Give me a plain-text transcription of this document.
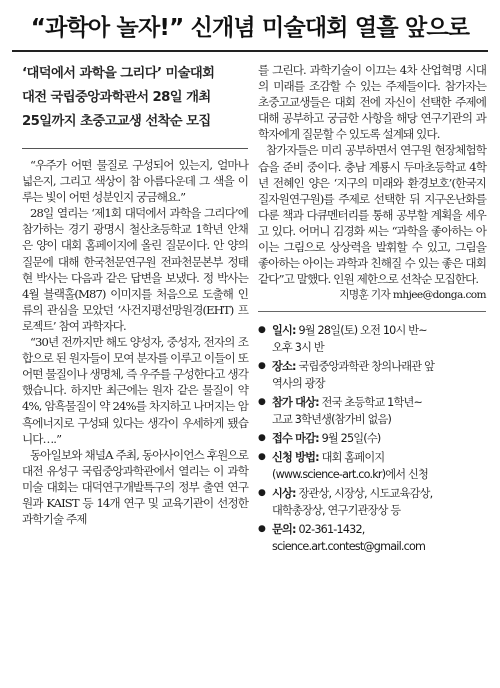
“과학아 놀자!” 신개념 미술대회 열흘 앞으로
‘대덕에서 과학을 그리다’ 미술대회
대전 국립중앙과학관서 28일 개최
25일까지 초중고교생 선착순 모집

“우주가 어떤 물질로 구성되어 있는지, 얼마나 넓은지, 그리고 색상이 참 아름다운데 그 색을 이루는 빛이 어떤 성분인지 궁금해요.”

28일 열리는 ‘제1회 대덕에서 과학을 그리다’에 참가하는 경기 광명시 철산초등학교 1학년 안채은 양이 대회 홈페이지에 올린 질문이다. 안 양의 질문에 대해 한국천문연구원 전파천문본부 정태현 박사는 다음과 같은 답변을 보냈다. 정 박사는 4월 블랙홀(M87) 이미지를 처음으로 도출해 인류의 관심을 모았던 ‘사건지평선망원경(EHT) 프로젝트’ 참여 과학자다.

“30년 전까지만 해도 양성자, 중성자, 전자의 조합으로 된 원자들이 모여 분자를 이루고 이들이 또 어떤 물질이나 생명체, 즉 우주를 구성한다고 생각했습니다. 하지만 최근에는 원자 같은 물질이 약 4%, 암흑물질이 약 24%를 차지하고 나머지는 암흑에너지로 구성돼 있다는 생각이 우세하게 됐습니다….”

동아일보와 채널A 주최, 동아사이언스 후원으로 대전 유성구 국립중앙과학관에서 열리는 이 과학미술 대회는 대덕연구개발특구의 정부 출연 연구원과 KAIST 등 14개 연구 및 교육기관이 선정한 과학기술 주제

를 그린다. 과학기술이 이끄는 4차 산업혁명 시대의 미래를 조감할 수 있는 주제들이다. 참가자는 초중고교생들은 대회 전에 자신이 선택한 주제에 대해 공부하고 궁금한 사항을 해당 연구기관의 과학자에게 질문할 수 있도록 설계돼 있다.

참가자들은 미리 공부하면서 연구원 현장체험학습을 준비 중이다. 충남 계룡시 두마초등학교 4학년 전혜인 양은 ‘지구의 미래와 환경보호’(한국지질자원연구원)를 주제로 선택한 뒤 지구온난화를 다룬 책과 다큐멘터리를 통해 공부할 계획을 세우고 있다. 어머니 김경화 씨는 “과학을 좋아하는 아이는 그림으로 상상력을 발휘할 수 있고, 그림을 좋아하는 아이는 과학과 친해질 수 있는 좋은 대회 같다”고 말했다. 인원 제한으로 선착순 모집한다.

지명훈 기자 mhjee@donga.com
● 일시: 9월 28일(토) 오전 10시 반~
오후 3시 반
● 장소: 국립중앙과학관 창의나래관 앞
역사의 광장
● 참가 대상: 전국 초등학교 1학년~
고교 3학년생(참가비 없음)
● 접수 마감: 9월 25일(수)
● 신청 방법: 대회 홈페이지
(www.science-art.co.kr)에서 신청
● 시상: 장관상, 시장상, 시도교육감상,
대학총장상, 연구기관장상 등
● 문의: 02-361-1432,
science.art.contest@gmail.com
